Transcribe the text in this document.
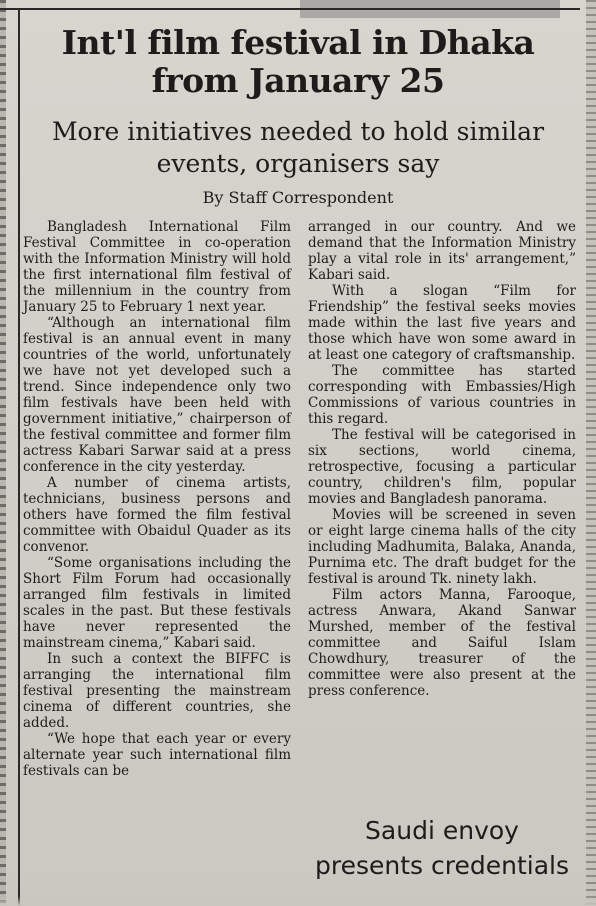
Int'l film festival in Dhaka from January 25
More initiatives needed to hold similar events, organisers say
By Staff Correspondent

Bangladesh International Film Festival Committee in co-operation with the Information Ministry will hold the first international film festival of the millennium in the country from January 25 to February 1 next year.

“Although an international film festival is an annual event in many countries of the world, unfortunately we have not yet developed such a trend. Since independence only two film festivals have been held with government initiative,” chairperson of the festival committee and former film actress Kabari Sarwar said at a press conference in the city yesterday.

A number of cinema artists, technicians, business persons and others have formed the film festival committee with Obaidul Quader as its convenor.

“Some organisations including the Short Film Forum had occasionally arranged film festivals in limited scales in the past. But these festivals have never represented the mainstream cinema,” Kabari said.

In such a context the BIFFC is arranging the international film festival presenting the mainstream cinema of different countries, she added.

“We hope that each year or every alternate year such international film festivals can be

arranged in our country. And we demand that the Information Ministry play a vital role in its' arrangement,” Kabari said.

With a slogan “Film for Friendship” the festival seeks movies made within the last five years and those which have won some award in at least one category of craftsmanship.

The committee has started corresponding with Embassies/High Commissions of various countries in this regard.

The festival will be categorised in six sections, world cinema, retrospective, focusing a particular country, children's film, popular movies and Bangladesh panorama.

Movies will be screened in seven or eight large cinema halls of the city including Madhumita, Balaka, Ananda, Purnima etc. The draft budget for the festival is around Tk. ninety lakh.

Film actors Manna, Farooque, actress Anwara, Akand Sanwar Murshed, member of the festival committee and Saiful Islam Chowdhury, treasurer of the committee were also present at the press conference.

Saudi envoy presents credentials
